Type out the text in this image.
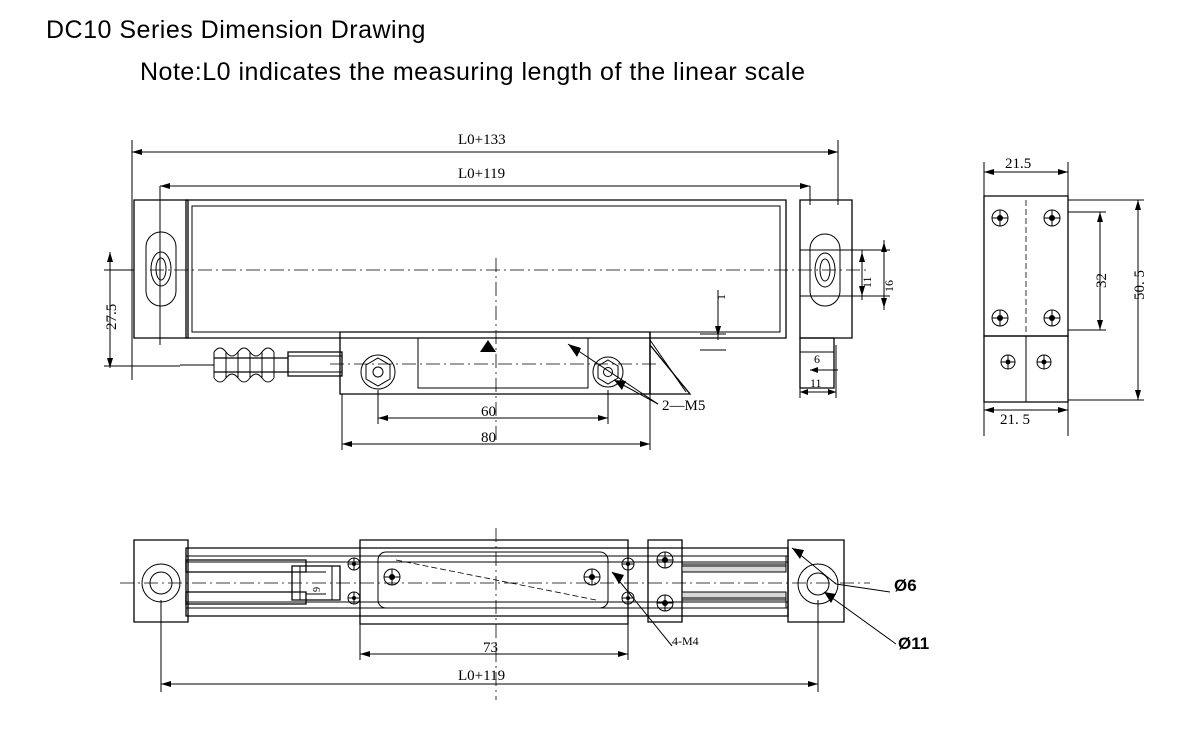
DC10 Series Dimension Drawing
Note:L0 indicates the measuring length of the linear scale
L0+133
L0+119
27.5
60
80
2—M5
1
11 16
6
11
21.5
21. 5
32 50. 5
73
L0+119
4-M4
Ø6
Ø11
9
